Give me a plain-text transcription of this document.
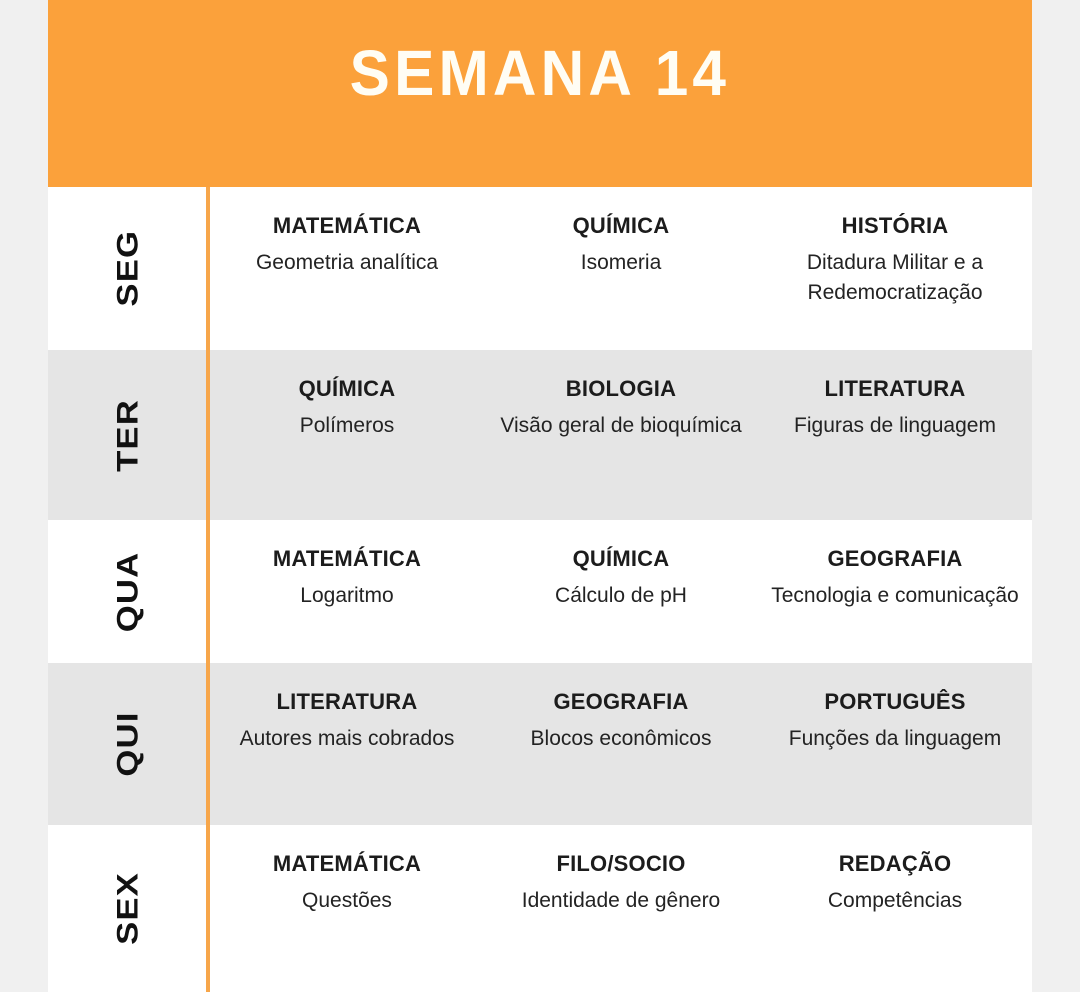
SEMANA 14
SEG
MATEMÁTICA
Geometria analítica
QUÍMICA
Isomeria
HISTÓRIA
Ditadura Militar e a Redemocratização
TER
QUÍMICA
Polímeros
BIOLOGIA
Visão geral de bioquímica
LITERATURA
Figuras de linguagem
QUA	MATEMÁTICA
Logaritmo
QUÍMICA
Cálculo de pH
GEOGRAFIA
Tecnologia e comunicação
QUI
LITERATURA
Autores mais cobrados
GEOGRAFIA
Blocos econômicos
PORTUGUÊS
Funções da linguagem
SEX
MATEMÁTICA
Questões
FILO/SOCIO
Identidade de gênero
REDAÇÃO
Competências
